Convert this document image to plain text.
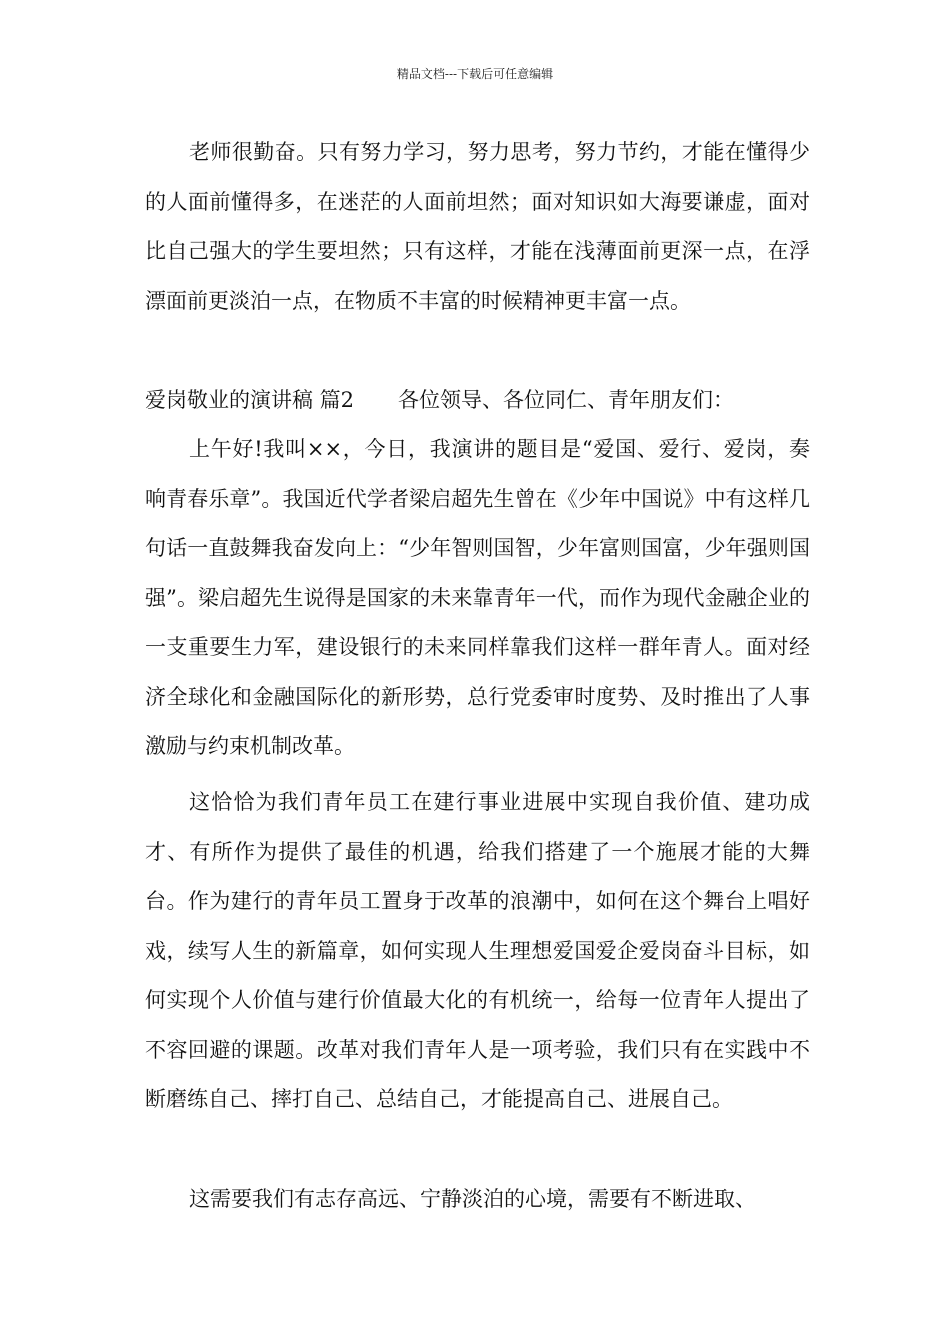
精品文档---下载后可任意编辑

老师很勤奋。只有努力学习，努力思考，努力节约，才能在懂得少的人面前懂得多，在迷茫的人面前坦然；面对知识如大海要谦虚，面对比自己强大的学生要坦然；只有这样，才能在浅薄面前更深一点，在浮漂面前更淡泊一点，在物质不丰富的时候精神更丰富一点。

爱岗敬业的演讲稿 篇2 各位领导、各位同仁、青年朋友们：

上午好!我叫××，今日，我演讲的题目是“爱国、爱行、爱岗，奏响青春乐章”。我国近代学者梁启超先生曾在《少年中国说》中有这样几句话一直鼓舞我奋发向上：“少年智则国智，少年富则国富，少年强则国强”。梁启超先生说得是国家的未来靠青年一代，而作为现代金融企业的一支重要生力军，建设银行的未来同样靠我们这样一群年青人。面对经济全球化和金融国际化的新形势，总行党委审时度势、及时推出了人事激励与约束机制改革。

这恰恰为我们青年员工在建行事业进展中实现自我价值、建功成才、有所作为提供了最佳的机遇，给我们搭建了一个施展才能的大舞台。作为建行的青年员工置身于改革的浪潮中，如何在这个舞台上唱好戏，续写人生的新篇章，如何实现人生理想爱国爱企爱岗奋斗目标，如何实现个人价值与建行价值最大化的有机统一，给每一位青年人提出了不容回避的课题。改革对我们青年人是一项考验，我们只有在实践中不断磨练自己、摔打自己、总结自己，才能提高自己、进展自己。

这需要我们有志存高远、宁静淡泊的心境，需要有不断进取、
